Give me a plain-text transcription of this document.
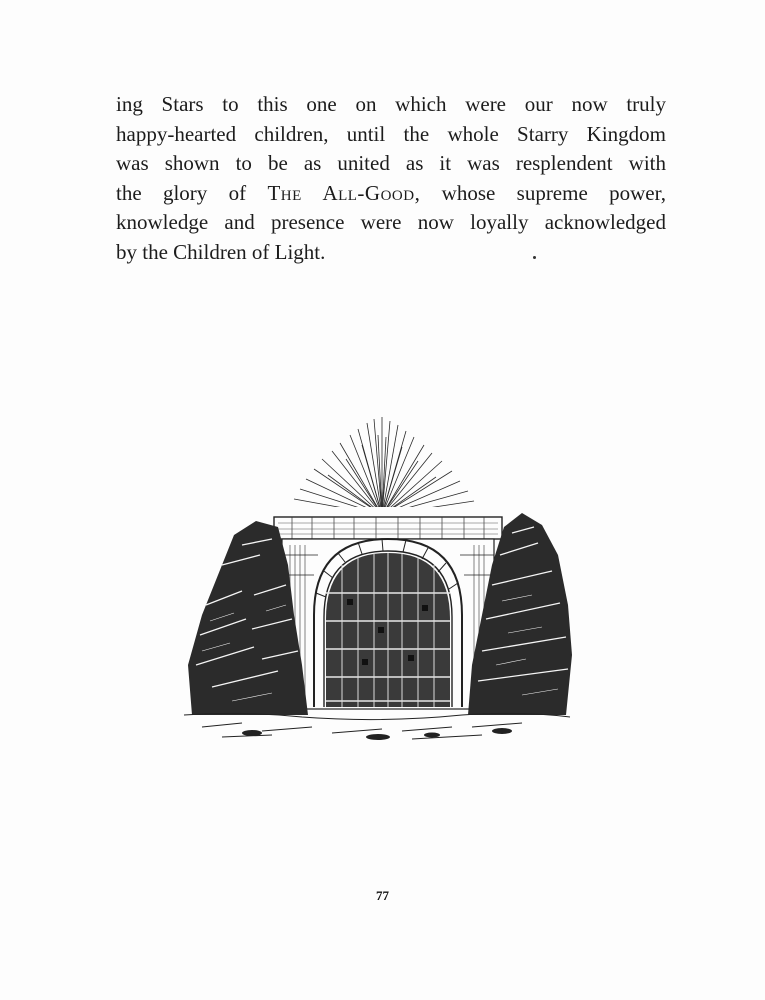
ing Stars to this one on which were our now truly
happy-hearted children, until the whole Starry Kingdom
was shown to be as united as it was resplendent with
the glory of The All-Good, whose supreme power,
knowledge and presence were now loyally acknowledged
by the Children of Light.
77
